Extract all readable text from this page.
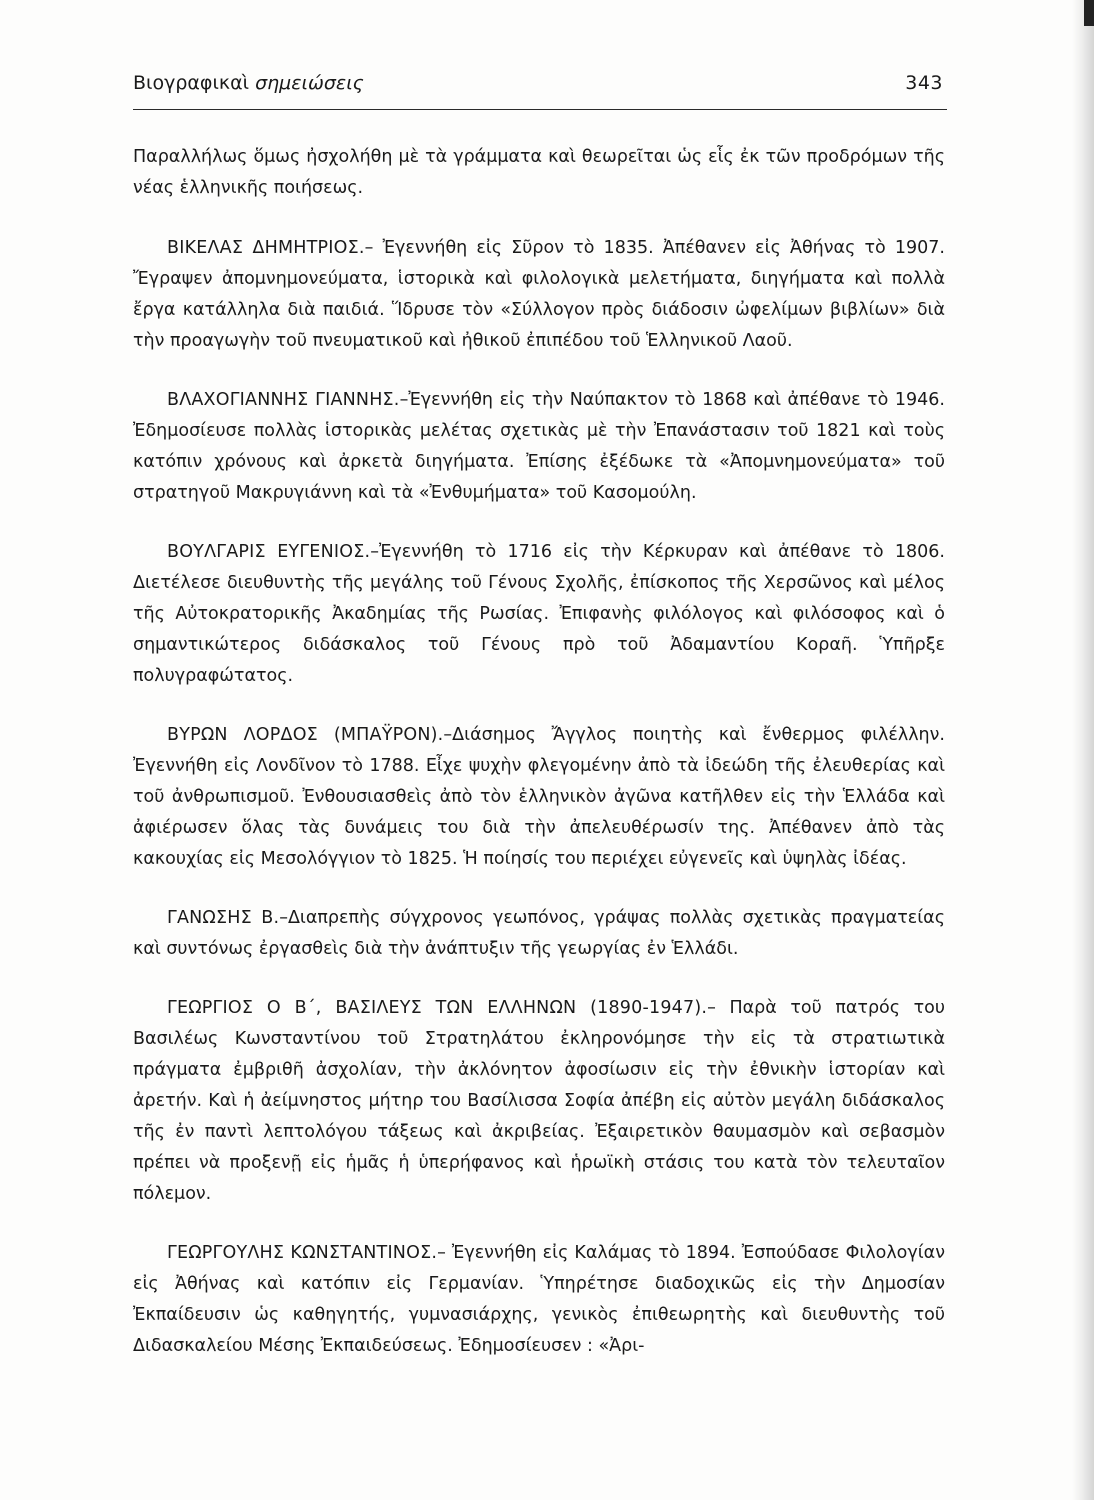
Βιογραφικαὶ σημειώσεις	343

Παραλλήλως ὅμως ἠσχολήθη μὲ τὰ γράμματα καὶ θεωρεῖται ὡς εἷς ἐκ τῶν προδρόμων τῆς νέας ἑλληνικῆς ποιήσεως.

ΒΙΚΕΛΑΣ ΔΗΜΗΤΡΙΟΣ.– Ἐγεννήθη εἰς Σῦρον τὸ 1835. Ἀπέθανεν εἰς Ἀθήνας τὸ 1907. Ἔγραψεν ἀπομνημονεύματα, ἱστορικὰ καὶ φιλολογικὰ μελετήματα, διηγήματα καὶ πολλὰ ἔργα κατάλληλα διὰ παιδιά. Ἵδρυσε τὸν «Σύλλογον πρὸς διάδοσιν ὠφελίμων βιβλίων» διὰ τὴν προαγωγὴν τοῦ πνευματικοῦ καὶ ἠθικοῦ ἐπιπέδου τοῦ Ἑλληνικοῦ Λαοῦ.

ΒΛΑΧΟΓΙΑΝΝΗΣ ΓΙΑΝΝΗΣ.–Ἐγεννήθη εἰς τὴν Ναύπακτον τὸ 1868 καὶ ἀπέθανε τὸ 1946. Ἐδημοσίευσε πολλὰς ἱστορικὰς μελέτας σχετικὰς μὲ τὴν Ἐπανάστασιν τοῦ 1821 καὶ τοὺς κατόπιν χρόνους καὶ ἀρκετὰ διηγήματα. Ἐπίσης ἐξέδωκε τὰ «Ἀπομνημονεύματα» τοῦ στρατηγοῦ Μακρυγιάννη καὶ τὰ «Ἐνθυμήματα» τοῦ Κασομούλη.

ΒΟΥΛΓΑΡΙΣ ΕΥΓΕΝΙΟΣ.–Ἐγεννήθη τὸ 1716 εἰς τὴν Κέρκυραν καὶ ἀπέθανε τὸ 1806. Διετέλεσε διευθυντὴς τῆς μεγάλης τοῦ Γένους Σχολῆς, ἐπίσκοπος τῆς Χερσῶνος καὶ μέλος τῆς Αὐτοκρατορικῆς Ἀκαδημίας τῆς Ρωσίας. Ἐπιφανὴς φιλόλογος καὶ φιλόσοφος καὶ ὁ σημαντικώτερος διδάσκαλος τοῦ Γένους πρὸ τοῦ Ἀδαμαντίου Κοραῆ. Ὑπῆρξε πολυγραφώτατος.

ΒΥΡΩΝ ΛΟΡΔΟΣ (ΜΠΑΫΡΟΝ).–Διάσημος Ἄγγλος ποιητὴς καὶ ἔνθερμος φιλέλλην. Ἐγεννήθη εἰς Λονδῖνον τὸ 1788. Εἶχε ψυχὴν φλεγομένην ἀπὸ τὰ ἰδεώδη τῆς ἐλευθερίας καὶ τοῦ ἀνθρωπισμοῦ. Ἐνθουσιασθεὶς ἀπὸ τὸν ἑλληνικὸν ἀγῶνα κατῆλθεν εἰς τὴν Ἑλλάδα καὶ ἀφιέρωσεν ὅλας τὰς δυνάμεις του διὰ τὴν ἀπελευθέρωσίν της. Ἀπέθανεν ἀπὸ τὰς κακουχίας εἰς Μεσολόγγιον τὸ 1825. Ἡ ποίησίς του περιέχει εὐγενεῖς καὶ ὑψηλὰς ἰδέας.

ΓΑΝΩΣΗΣ Β.–Διαπρεπὴς σύγχρονος γεωπόνος, γράψας πολλὰς σχετικὰς πραγματείας καὶ συντόνως ἐργασθεὶς διὰ τὴν ἀνάπτυξιν τῆς γεωργίας ἐν Ἑλλάδι.

ΓΕΩΡΓΙΟΣ Ο Β΄, ΒΑΣΙΛΕΥΣ ΤΩΝ ΕΛΛΗΝΩΝ (1890-1947).– Παρὰ τοῦ πατρός του Βασιλέως Κωνσταντίνου τοῦ Στρατηλάτου ἐκληρονόμησε τὴν εἰς τὰ στρατιωτικὰ πράγματα ἐμβριθῆ ἀσχολίαν, τὴν ἀκλόνητον ἀφοσίωσιν εἰς τὴν ἐθνικὴν ἱστορίαν καὶ ἀρετήν. Καὶ ἡ ἀείμνηστος μήτηρ του Βασίλισσα Σοφία ἀπέβη εἰς αὐτὸν μεγάλη διδάσκαλος τῆς ἐν παντὶ λεπτολόγου τάξεως καὶ ἀκριβείας. Ἐξαιρετικὸν θαυμασμὸν καὶ σεβασμὸν πρέπει νὰ προξενῇ εἰς ἡμᾶς ἡ ὑπερήφανος καὶ ἡρωϊκὴ στάσις του κατὰ τὸν τελευταῖον πόλεμον.

ΓΕΩΡΓΟΥΛΗΣ ΚΩΝΣΤΑΝΤΙΝΟΣ.– Ἐγεννήθη εἰς Καλάμας τὸ 1894. Ἐσπούδασε Φιλολογίαν εἰς Ἀθήνας καὶ κατόπιν εἰς Γερμανίαν. Ὑπηρέτησε διαδοχικῶς εἰς τὴν Δημοσίαν Ἐκπαίδευσιν ὡς καθηγητής, γυμνασιάρχης, γενικὸς ἐπιθεωρητὴς καὶ διευθυντὴς τοῦ Διδασκαλείου Μέσης Ἐκπαιδεύσεως. Ἐδημοσίευσεν : «Ἀρι-
